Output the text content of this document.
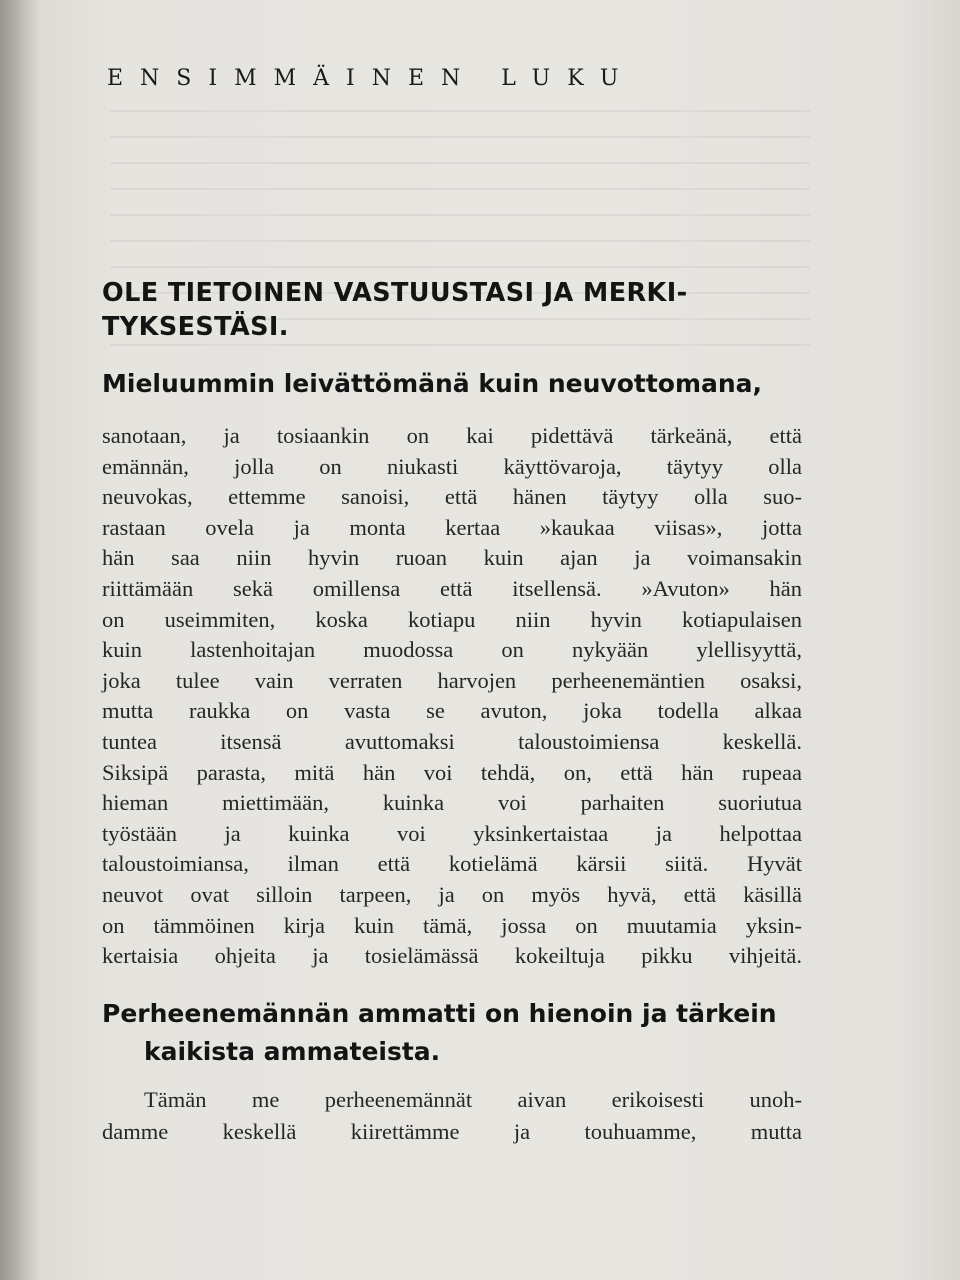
ENSIMMÄINEN LUKU
OLE TIETOINEN VASTUUSTASI JA MERKI-
TYKSESTÄSI.
Mieluummin leivättömänä kuin neuvottomana,
sanotaan, ja tosiaankin on kai pidettävä tärkeänä, että
emännän, jolla on niukasti käyttövaroja, täytyy olla
neuvokas, ettemme sanoisi, että hänen täytyy olla suo-
rastaan ovela ja monta kertaa »kaukaa viisas», jotta
hän saa niin hyvin ruoan kuin ajan ja voimansakin
riittämään sekä omillensa että itsellensä. »Avuton» hän
on useimmiten, koska kotiapu niin hyvin kotiapulaisen
kuin lastenhoitajan muodossa on nykyään ylellisyyttä,
joka tulee vain verraten harvojen perheenemäntien osaksi,
mutta raukka on vasta se avuton, joka todella alkaa
tuntea itsensä avuttomaksi taloustoimiensa keskellä.
Siksipä parasta, mitä hän voi tehdä, on, että hän rupeaa
hieman miettimään, kuinka voi parhaiten suoriutua
työstään ja kuinka voi yksinkertaistaa ja helpottaa
taloustoimiansa, ilman että kotielämä kärsii siitä. Hyvät
neuvot ovat silloin tarpeen, ja on myös hyvä, että käsillä
on tämmöinen kirja kuin tämä, jossa on muutamia yksin-
kertaisia ohjeita ja tosielämässä kokeiltuja pikku vihjeitä.
Perheenemännän ammatti on hienoin ja tärkein
kaikista ammateista.
Tämän me perheenemännät aivan erikoisesti unoh-
damme keskellä kiirettämme ja touhuamme, mutta
